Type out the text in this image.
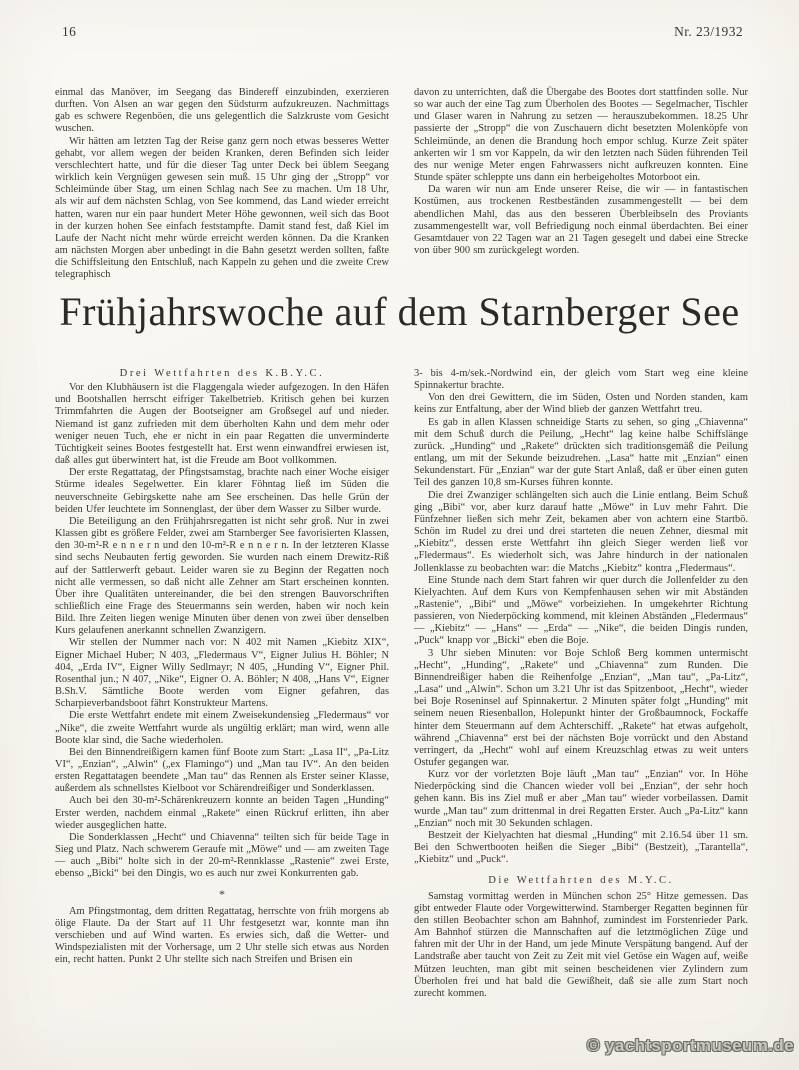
16	Nr. 23/1932

einmal das Manöver, im Seegang das Bindereff einzubinden, exerzieren durften. Von Alsen an war gegen den Südsturm aufzukreuzen. Nachmittags gab es schwere Regenböen, die uns gelegentlich die Salzkruste vom Gesicht wuschen.

Wir hätten am letzten Tag der Reise ganz gern noch etwas besseres Wetter gehabt, vor allem wegen der beiden Kranken, deren Befinden sich leider verschlechtert hatte, und für die dieser Tag unter Deck bei üblem Seegang wirklich kein Vergnügen gewesen sein muß. 15 Uhr ging der „Stropp“ vor Schleimünde über Stag, um einen Schlag nach See zu machen. Um 18 Uhr, als wir auf dem nächsten Schlag, von See kommend, das Land wieder erreicht hatten, waren nur ein paar hundert Meter Höhe gewonnen, weil sich das Boot in der kurzen hohen See einfach feststampfte. Damit stand fest, daß Kiel im Laufe der Nacht nicht mehr würde erreicht werden können. Da die Kranken am nächsten Morgen aber unbedingt in die Bahn gesetzt werden sollten, faßte die Schiffsleitung den Entschluß, nach Kappeln zu gehen und die zweite Crew telegraphisch

davon zu unterrichten, daß die Übergabe des Bootes dort stattfinden solle. Nur so war auch der eine Tag zum Überholen des Bootes — Segelmacher, Tischler und Glaser waren in Nahrung zu setzen — herauszubekommen. 18.25 Uhr passierte der „Stropp“ die von Zuschauern dicht besetzten Molenköpfe von Schleimünde, an denen die Brandung hoch empor schlug. Kurze Zeit später ankerten wir 1 sm vor Kappeln, da wir den letzten nach Süden führenden Teil des nur wenige Meter engen Fahrwassers nicht aufkreuzen konnten. Eine Stunde später schleppte uns dann ein herbeigeholtes Motorboot ein.

Da waren wir nun am Ende unserer Reise, die wir — in fantastischen Kostümen, aus trockenen Restbeständen zusammengestellt — bei dem abendlichen Mahl, das aus den besseren Überbleibseln des Proviants zusammengestellt war, voll Befriedigung noch einmal überdachten. Bei einer Gesamtdauer von 22 Tagen war an 21 Tagen gesegelt und dabei eine Strecke von über 900 sm zurückgelegt worden.

Frühjahrswoche auf dem Starnberger See
Drei Wettfahrten des K.B.Y.C.

Vor den Klubhäusern ist die Flaggengala wieder aufgezogen. In den Häfen und Bootshallen herrscht eifriger Takelbetrieb. Kritisch gehen bei kurzen Trimmfahrten die Augen der Bootseigner am Großsegel auf und nieder. Niemand ist ganz zufrieden mit dem überholten Kahn und dem mehr oder weniger neuen Tuch, ehe er nicht in ein paar Regatten die unverminderte Tüchtigkeit seines Bootes festgestellt hat. Erst wenn einwandfrei erwiesen ist, daß alles gut überwintert hat, ist die Freude am Boot vollkommen.

Der erste Regattatag, der Pfingstsamstag, brachte nach einer Woche eisiger Stürme ideales Segelwetter. Ein klarer Föhntag ließ im Süden die neuverschneite Gebirgskette nahe am See erscheinen. Das helle Grün der beiden Ufer leuchtete im Sonnenglast, der über dem Wasser zu Silber wurde.

Die Beteiligung an den Frühjahrsregatten ist nicht sehr groß. Nur in zwei Klassen gibt es größere Felder, zwei am Starnberger See favorisierten Klassen, den 30-m²-R e n n e r n und den 10-m²-R e n n e r n. In der letzteren Klasse sind sechs Neubauten fertig geworden. Sie wurden nach einem Drewitz-Riß auf der Sattlerwerft gebaut. Leider waren sie zu Beginn der Regatten noch nicht alle vermessen, so daß nicht alle Zehner am Start erscheinen konnten. Über ihre Qualitäten untereinander, die bei den strengen Bauvorschriften schließlich eine Frage des Steuermanns sein werden, haben wir noch kein Bild. Ihre Zeiten liegen wenige Minuten über denen von zwei über denselben Kurs gelaufenen anerkannt schnellen Zwanzigern.

Wir stellen der Nummer nach vor: N 402 mit Namen „Kiebitz XIX“, Eigner Michael Huber; N 403, „Fledermaus V“, Eigner Julius H. Böhler; N 404, „Erda IV“, Eigner Willy Sedlmayr; N 405, „Hunding V“, Eigner Phil. Rosenthal jun.; N 407, „Nike“, Eigner O. A. Böhler; N 408, „Hans V“, Eigner B.Sh.V. Sämtliche Boote werden vom Eigner gefahren, das Scharpieverbandsboot fährt Konstrukteur Martens.

Die erste Wettfahrt endete mit einem Zweisekundensieg „Fledermaus“ vor „Nike“, die zweite Wettfahrt wurde als ungültig erklärt; man wird, wenn alle Boote klar sind, die Sache wiederholen.

Bei den Binnendreißigern kamen fünf Boote zum Start: „Lasa II“, „Pa-Litz VI“, „Enzian“, „Alwin“ („ex Flamingo“) und „Man tau IV“. An den beiden ersten Regattatagen beendete „Man tau“ das Rennen als Erster seiner Klasse, außerdem als schnellstes Kielboot vor Schärendreißiger und Sonderklassen.

Auch bei den 30-m²-Schärenkreuzern konnte an beiden Tagen „Hunding“ Erster werden, nachdem einmal „Rakete“ einen Rückruf erlitten, ihn aber wieder ausgeglichen hatte.

Die Sonderklassen „Hecht“ und Chiavenna“ teilten sich für beide Tage in Sieg und Platz. Nach schwerem Geraufe mit „Möwe“ und — am zweiten Tage — auch „Bibi“ holte sich in der 20-m²-Rennklasse „Rastenie“ zwei Erste, ebenso „Bicki“ bei den Dingis, wo es auch nur zwei Konkurrenten gab.

*

Am Pfingstmontag, dem dritten Regattatag, herrschte von früh morgens ab ölige Flaute. Da der Start auf 11 Uhr festgesetzt war, konnte man ihn verschieben und auf Wind warten. Es erwies sich, daß die Wetter- und Windspezialisten mit der Vorhersage, um 2 Uhr stelle sich etwas aus Norden ein, recht hatten. Punkt 2 Uhr stellte sich nach Streifen und Brisen ein

3- bis 4-m/sek.-Nordwind ein, der gleich vom Start weg eine kleine Spinnakertur brachte.

Von den drei Gewittern, die im Süden, Osten und Norden standen, kam keins zur Entfaltung, aber der Wind blieb der ganzen Wettfahrt treu.

Es gab in allen Klassen schneidige Starts zu sehen, so ging „Chiavenna“ mit dem Schuß durch die Peilung, „Hecht“ lag keine halbe Schiffslänge zurück. „Hunding“ und „Rakete“ drückten sich traditionsgemäß die Peilung entlang, um mit der Sekunde beizudrehen. „Lasa“ hatte mit „Enzian“ einen Sekundenstart. Für „Enzian“ war der gute Start Anlaß, daß er über einen guten Teil des ganzen 10,8 sm-Kurses führen konnte.

Die drei Zwanziger schlängelten sich auch die Linie entlang. Beim Schuß ging „Bibi“ vor, aber kurz darauf hatte „Möwe“ in Luv mehr Fahrt. Die Fünfzehner ließen sich mehr Zeit, bekamen aber von achtern eine Startbö. Schön im Rudel zu drei und drei starteten die neuen Zehner, diesmal mit „Kiebitz“, dessen erste Wettfahrt ihn gleich Sieger werden ließ vor „Fledermaus“. Es wiederholt sich, was Jahre hindurch in der nationalen Jollenklasse zu beobachten war: die Matchs „Kiebitz“ kontra „Fledermaus“.

Eine Stunde nach dem Start fahren wir quer durch die Jollenfelder zu den Kielyachten. Auf dem Kurs von Kempfenhausen sehen wir mit Abständen „Rastenie“, „Bibi“ und „Möwe“ vorbeiziehen. In umgekehrter Richtung passieren, von Niederpöcking kommend, mit kleinen Abständen „Fledermaus“ — „Kiebitz“ — „Hans“ — „Erda“ — „Nike“, die beiden Dingis runden, „Puck“ knapp vor „Bicki“ eben die Boje.

3 Uhr sieben Minuten: vor Boje Schloß Berg kommen untermischt „Hecht“, „Hunding“, „Rakete“ und „Chiavenna“ zum Runden. Die Binnendreißiger haben die Reihenfolge „Enzian“, „Man tau“, „Pa-Litz“, „Lasa“ und „Alwin“. Schon um 3.21 Uhr ist das Spitzenboot, „Hecht“, wieder bei Boje Roseninsel auf Spinnakertur. 2 Minuten später folgt „Hunding“ mit seinem neuen Riesenballon, Holepunkt hinter der Großbaumnock, Fockaffe hinter dem Steuermann auf dem Achterschiff. „Rakete“ hat etwas aufgeholt, während „Chiavenna“ erst bei der nächsten Boje vorrückt und den Abstand verringert, da „Hecht“ wohl auf einem Kreuzschlag etwas zu weit unters Ostufer gegangen war.

Kurz vor der vorletzten Boje läuft „Man tau“ „Enzian“ vor. In Höhe Niederpöcking sind die Chancen wieder voll bei „Enzian“, der sehr hoch gehen kann. Bis ins Ziel muß er aber „Man tau“ wieder vorbeilassen. Damit wurde „Man tau“ zum drittenmal in drei Regatten Erster. Auch „Pa-Litz“ kann „Enzian“ noch mit 30 Sekunden schlagen.

Bestzeit der Kielyachten hat diesmal „Hunding“ mit 2.16.54 über 11 sm. Bei den Schwertbooten heißen die Sieger „Bibi“ (Bestzeit), „Tarantella“, „Kiebitz“ und „Puck“.

Die Wettfahrten des M.Y.C.

Samstag vormittag werden in München schon 25° Hitze gemessen. Das gibt entweder Flaute oder Vorgewitterwind. Starnberger Regatten beginnen für den stillen Beobachter schon am Bahnhof, zumindest im Forstenrieder Park. Am Bahnhof stürzen die Mannschaften auf die letztmöglichen Züge und fahren mit der Uhr in der Hand, um jede Minute Verspätung bangend. Auf der Landstraße aber taucht von Zeit zu Zeit mit viel Getöse ein Wagen auf, weiße Mützen leuchten, man gibt mit seinen bescheidenen vier Zylindern zum Überholen frei und hat bald die Gewißheit, daß sie alle zum Start noch zurecht kommen.

© yachtsportmuseum.de
